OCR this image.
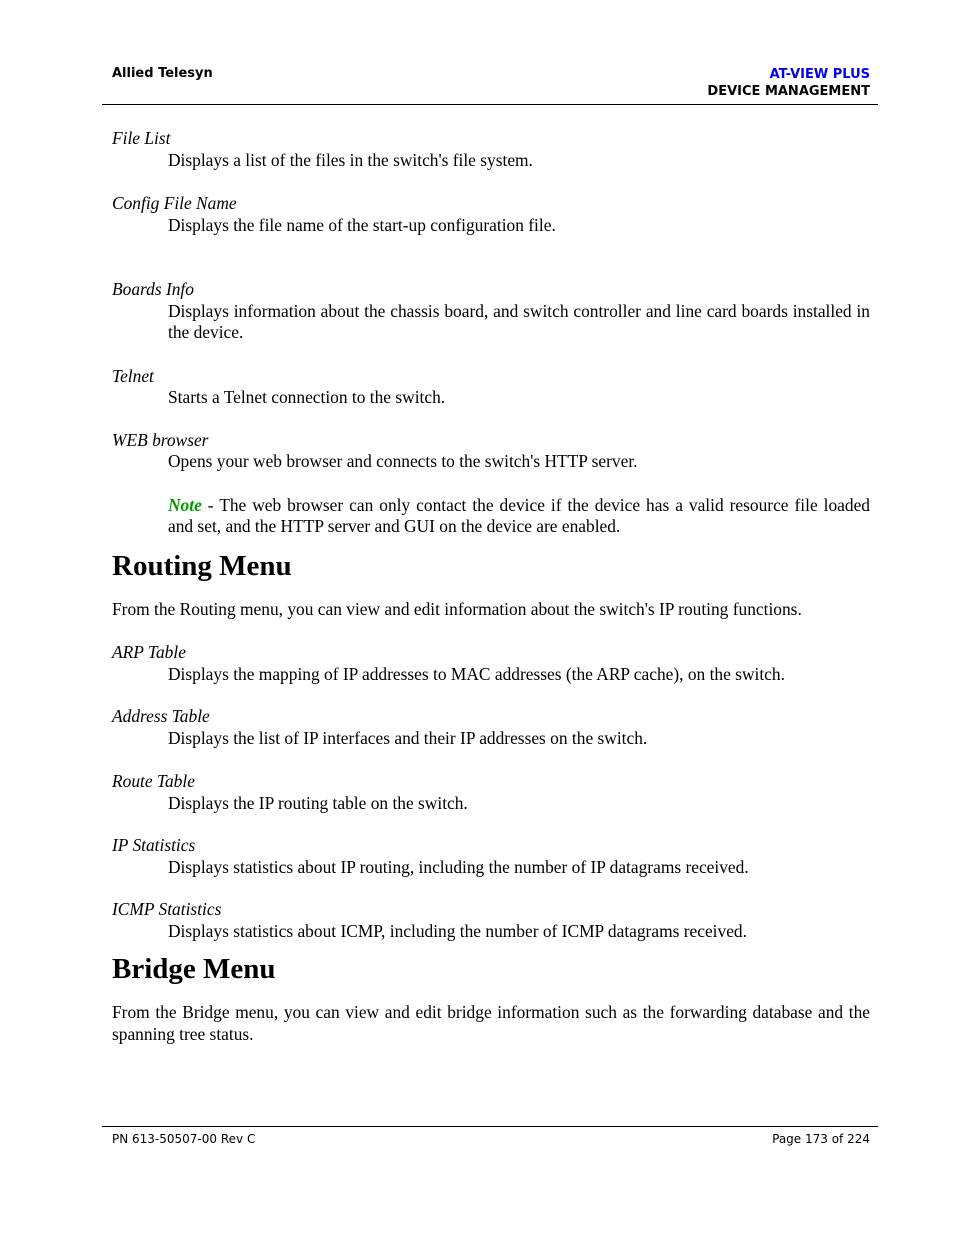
Allied Telesyn	AT-VIEW PLUS
DEVICE MANAGEMENT
File List
Displays a list of the files in the switch's file system.
Config File Name
Displays the file name of the start-up configuration file.
Boards Info
Displays information about the chassis board, and switch controller and line card boards installed in the device.
Telnet
Starts a Telnet connection to the switch.
WEB browser
Opens your web browser and connects to the switch's HTTP server.
Note - The web browser can only contact the device if the device has a valid resource file loaded and set, and the HTTP server and GUI on the device are enabled.
Routing Menu

From the Routing menu, you can view and edit information about the switch's IP routing functions.

ARP Table
Displays the mapping of IP addresses to MAC addresses (the ARP cache), on the switch.
Address Table
Displays the list of IP interfaces and their IP addresses on the switch.
Route Table
Displays the IP routing table on the switch.
IP Statistics
Displays statistics about IP routing, including the number of IP datagrams received.
ICMP Statistics
Displays statistics about ICMP, including the number of ICMP datagrams received.
Bridge Menu

From the Bridge menu, you can view and edit bridge information such as the forwarding database and the spanning tree status.

PN 613-50507-00 Rev C	Page 173 of 224
